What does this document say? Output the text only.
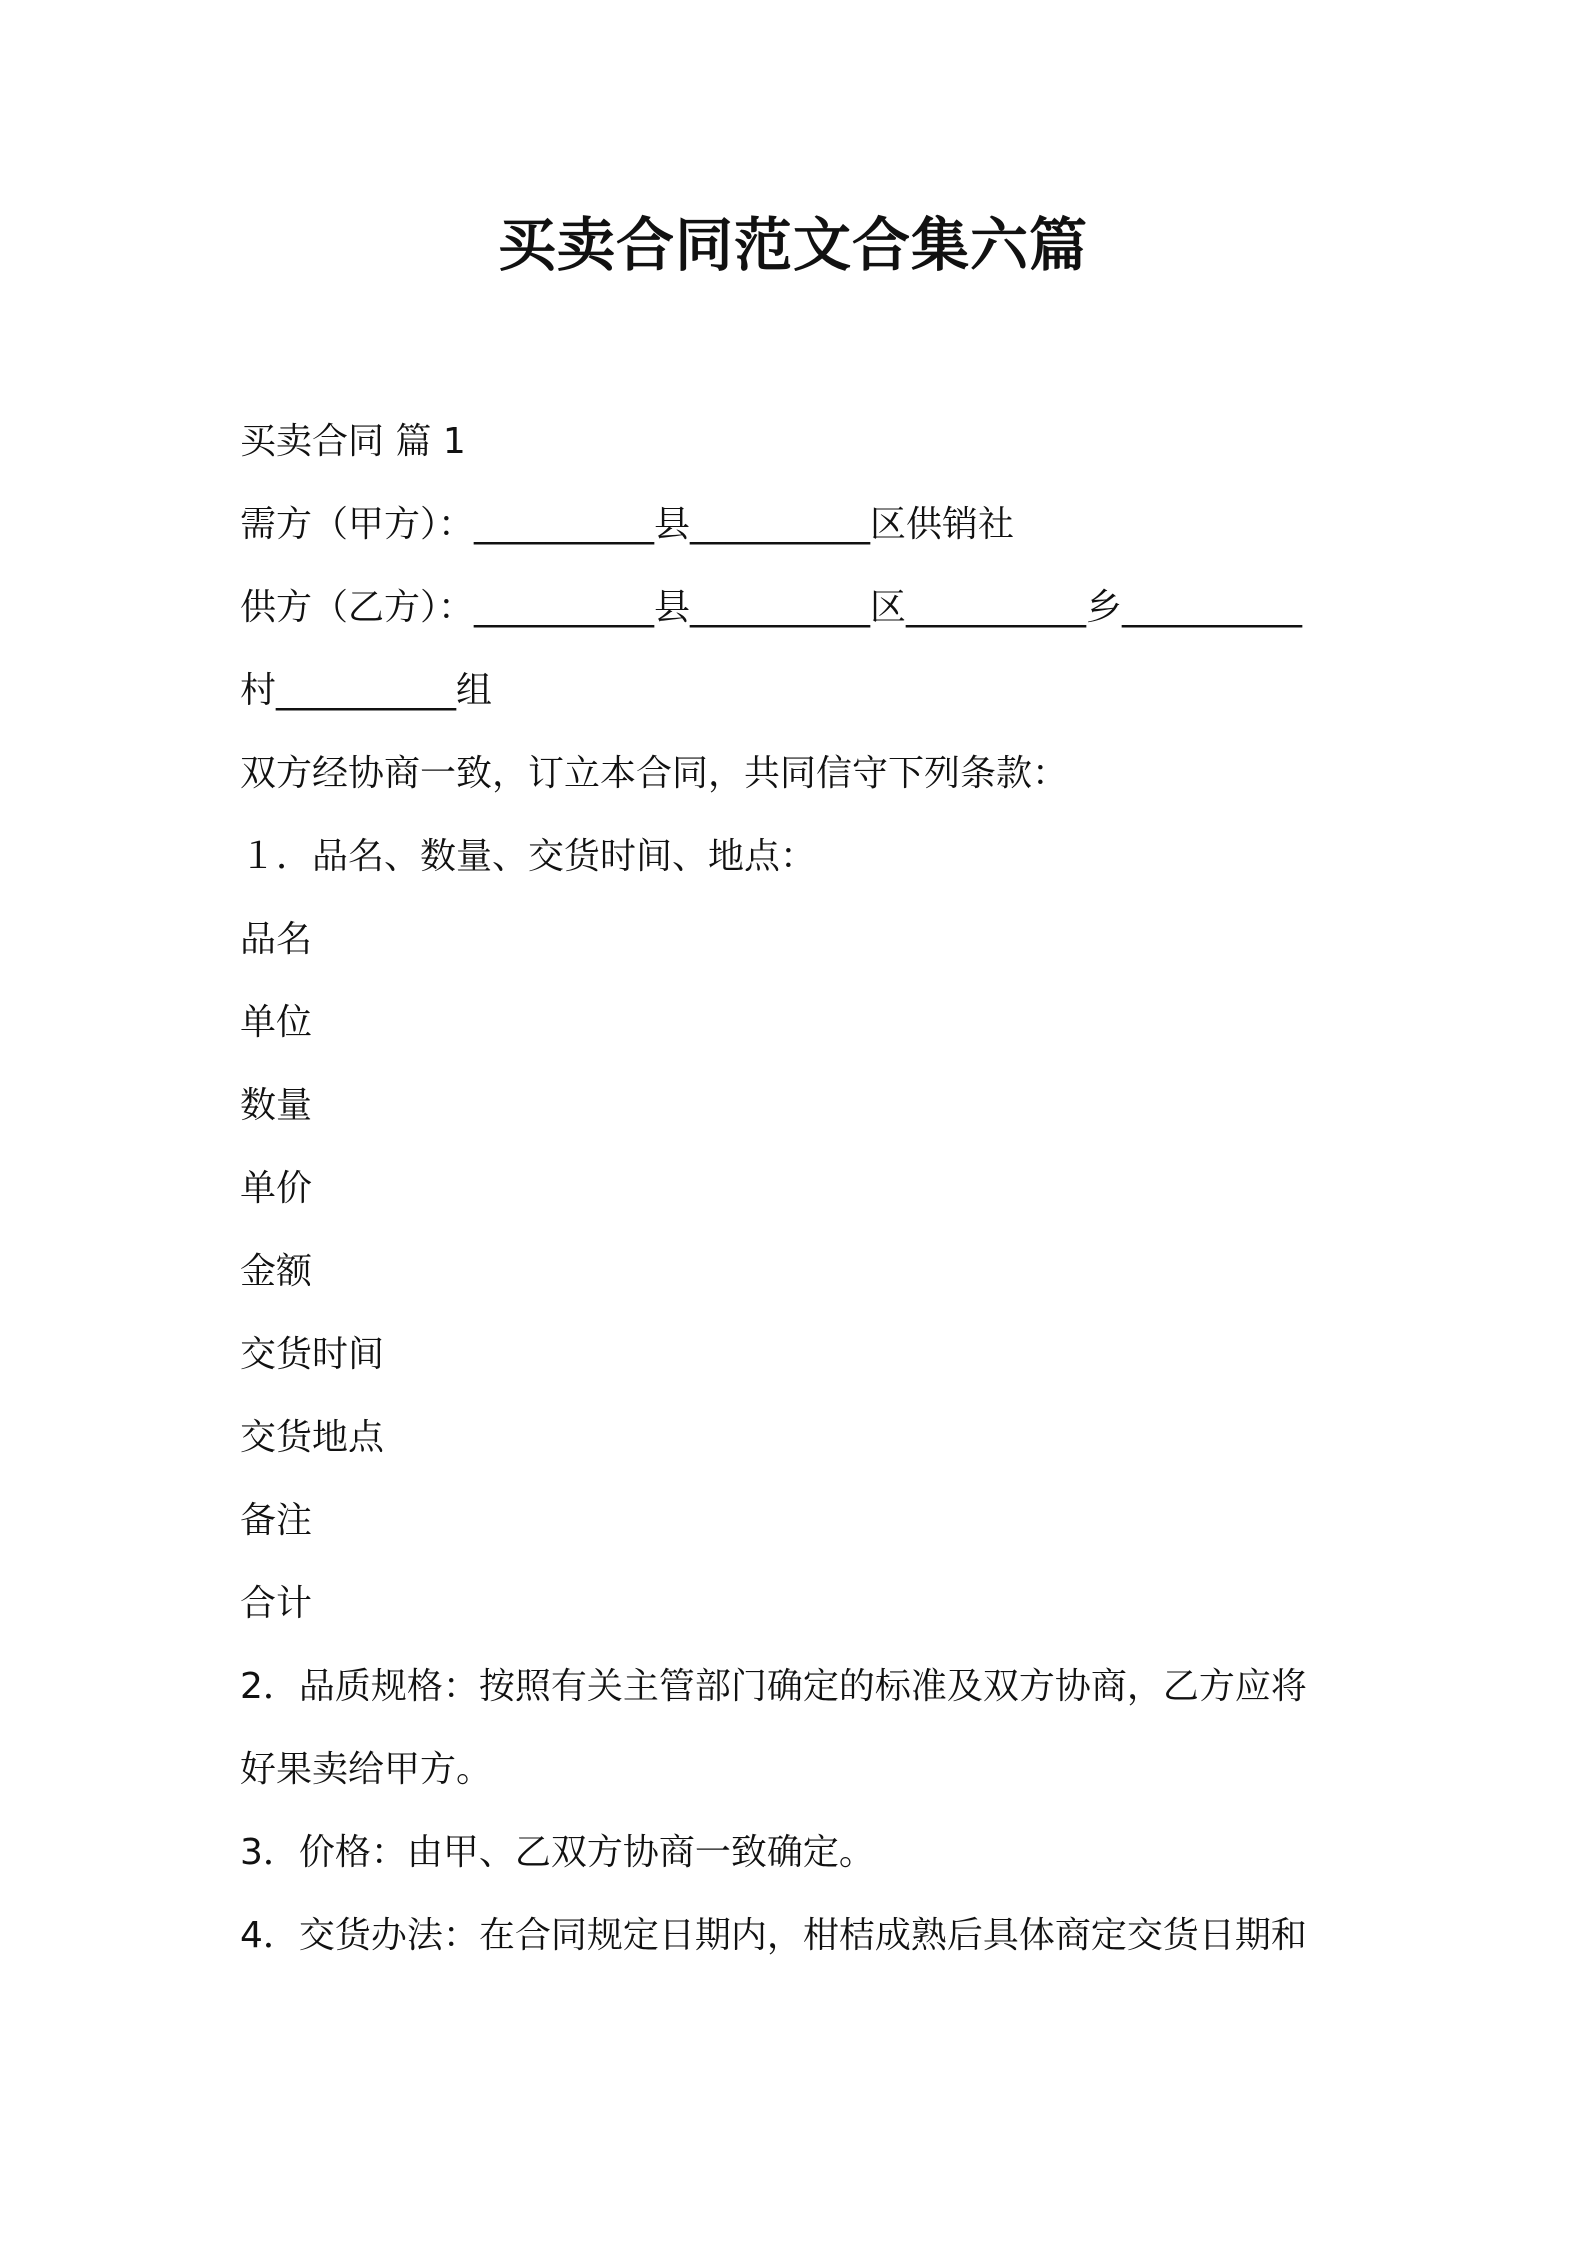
买卖合同范文合集六篇
买卖合同 篇 1
需方（甲方）：__________县__________区供销社
供方（乙方）：__________县__________区__________乡__________
村__________组
双方经协商一致，订立本合同，共同信守下列条款：
１．品名、数量、交货时间、地点：
品名
单位
数量
单价
金额
交货时间
交货地点
备注
合计
2．品质规格：按照有关主管部门确定的标准及双方协商，乙方应将
好果卖给甲方。
3．价格：由甲、乙双方协商一致确定。
4．交货办法：在合同规定日期内，柑桔成熟后具体商定交货日期和
